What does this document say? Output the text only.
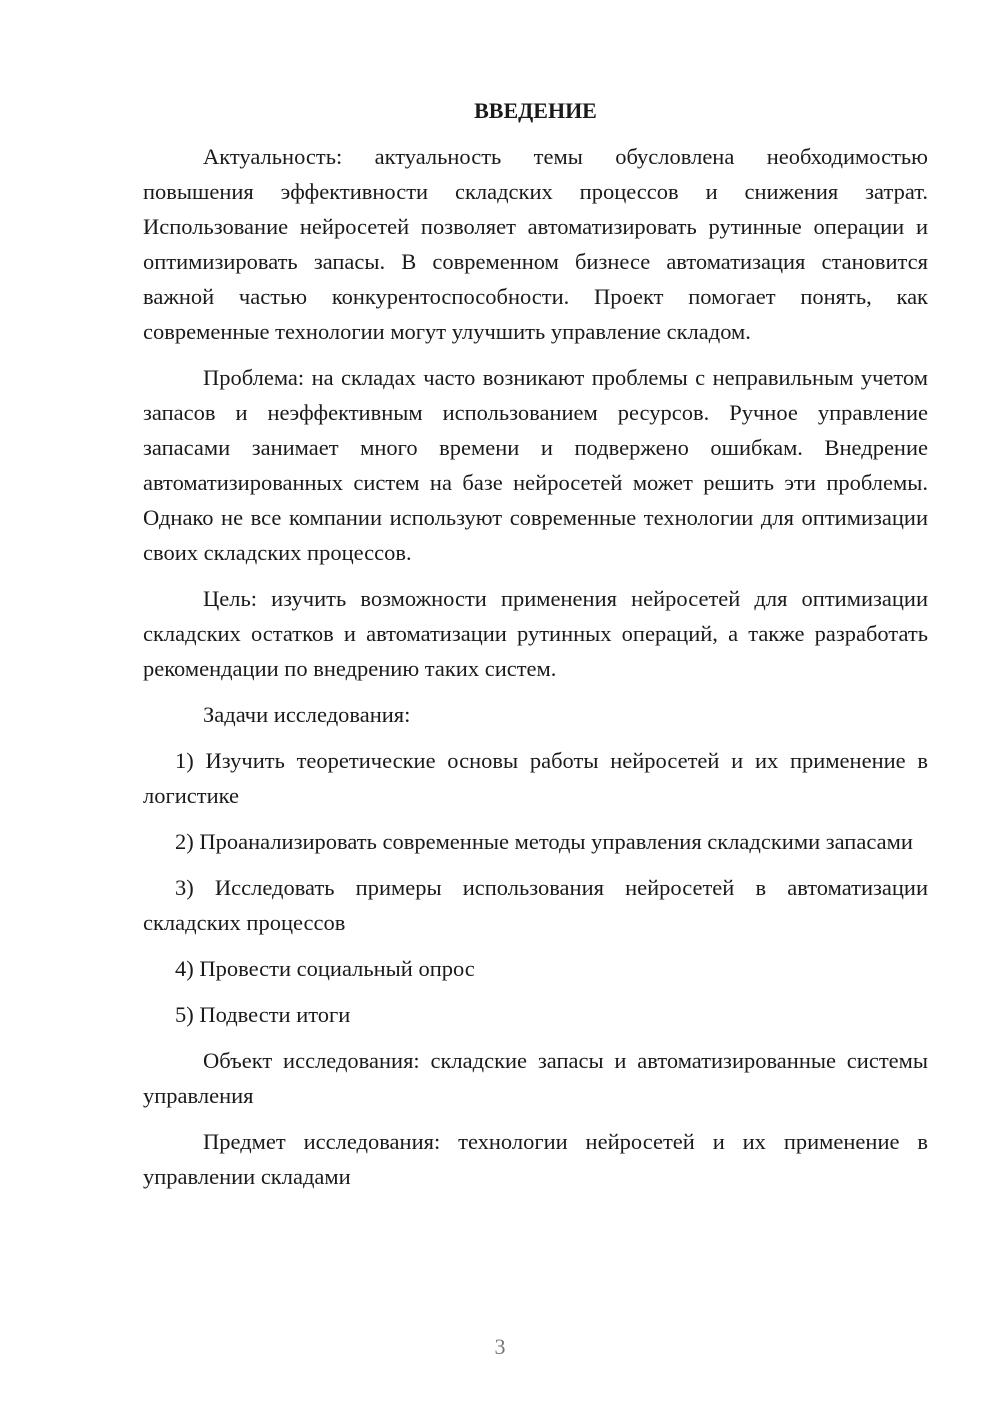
ВВЕДЕНИЕ

Актуальность: актуальность темы обусловлена необходимостью повышения эффективности складских процессов и снижения затрат. Использование нейросетей позволяет автоматизировать рутинные операции и оптимизировать запасы. В современном бизнесе автоматизация становится важной частью конкурентоспособности. Проект помогает понять, как современные технологии могут улучшить управление складом.

Проблема: на складах часто возникают проблемы с неправильным учетом запасов и неэффективным использованием ресурсов. Ручное управление запасами занимает много времени и подвержено ошибкам. Внедрение автоматизированных систем на базе нейросетей может решить эти проблемы. Однако не все компании используют современные технологии для оптимизации своих складских процессов.

Цель: изучить возможности применения нейросетей для оптимизации складских остатков и автоматизации рутинных операций, а также разработать рекомендации по внедрению таких систем.

Задачи исследования:

1) Изучить теоретические основы работы нейросетей и их применение в логистике

2) Проанализировать современные методы управления складскими запасами

3) Исследовать примеры использования нейросетей в автоматизации складских процессов

4) Провести социальный опрос

5) Подвести итоги

Объект исследования: складские запасы и автоматизированные системы управления

Предмет исследования: технологии нейросетей и их применение в управлении складами

3
